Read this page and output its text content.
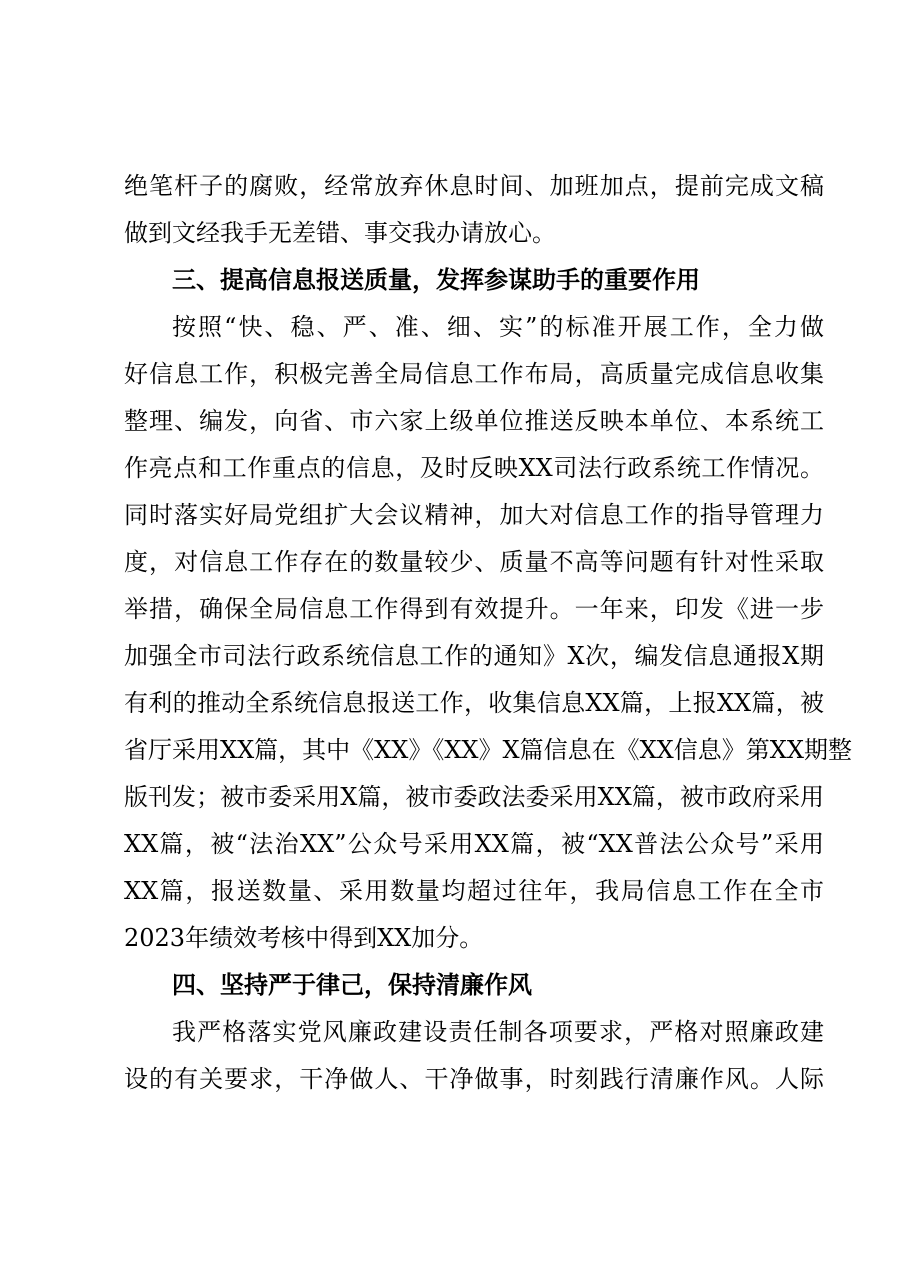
绝笔杆子的腐败，经常放弃休息时间、加班加点，提前完成文稿
做到文经我手无差错、事交我办请放心。
三、提高信息报送质量，发挥参谋助手的重要作用
按照“快、稳、严、准、细、实”的标准开展工作，全力做
好信息工作，积极完善全局信息工作布局，高质量完成信息收集
整理、编发，向省、市六家上级单位推送反映本单位、本系统工
作亮点和工作重点的信息，及时反映XX司法行政系统工作情况。
同时落实好局党组扩大会议精神，加大对信息工作的指导管理力
度，对信息工作存在的数量较少、质量不高等问题有针对性采取
举措，确保全局信息工作得到有效提升。一年来，印发《进一步
加强全市司法行政系统信息工作的通知》X次，编发信息通报X期
有利的推动全系统信息报送工作，收集信息XX篇，上报XX篇，被
省厅采用XX篇，其中《XX》《XX》X篇信息在《XX信息》第XX期整
版刊发；被市委采用X篇，被市委政法委采用XX篇，被市政府采用
XX篇，被“法治XX”公众号采用XX篇，被“XX普法公众号”采用
XX篇，报送数量、采用数量均超过往年，我局信息工作在全市
2023年绩效考核中得到XX加分。
四、坚持严于律己，保持清廉作风
我严格落实党风廉政建设责任制各项要求，严格对照廉政建
设的有关要求，干净做人、干净做事，时刻践行清廉作风。人际
